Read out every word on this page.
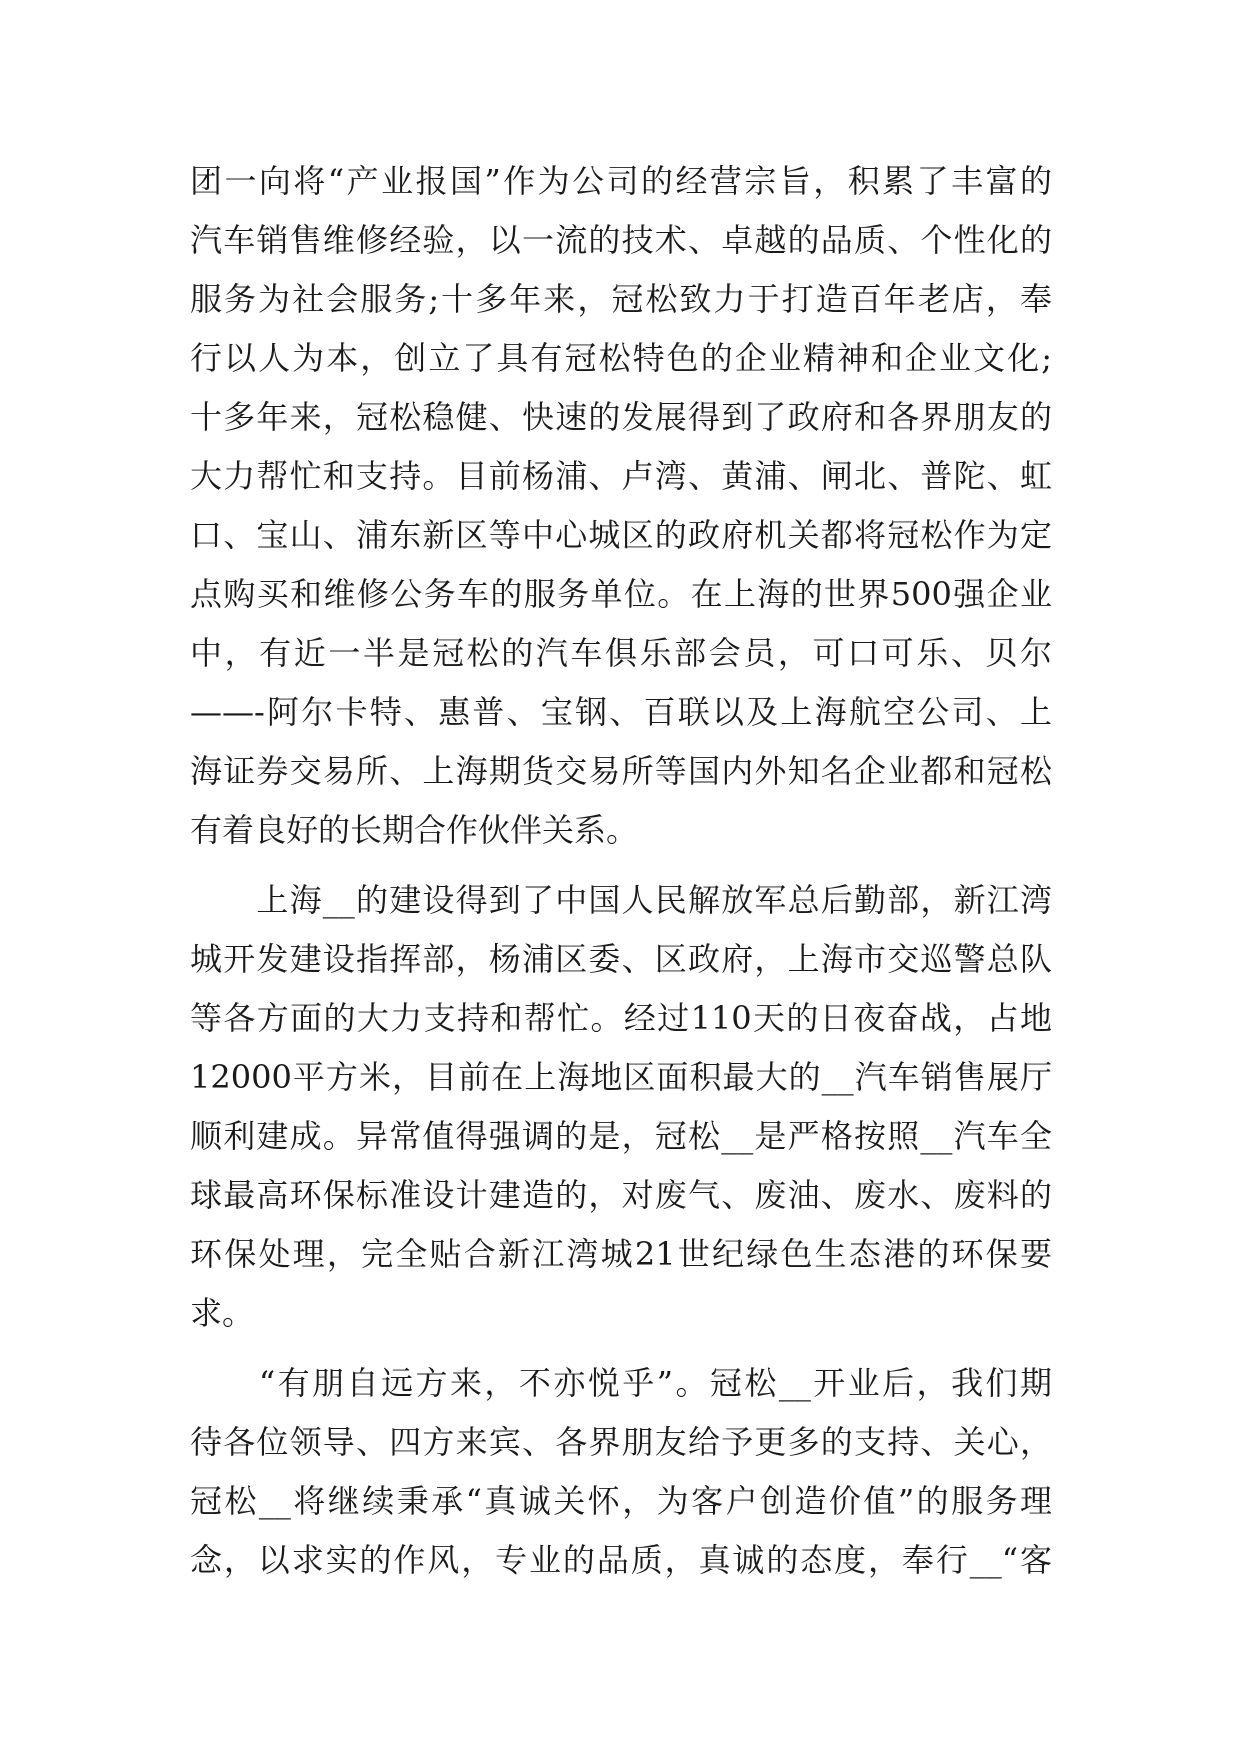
团一向将“产业报国”作为公司的经营宗旨，积累了丰富的
汽车销售维修经验，以一流的技术、卓越的品质、个性化的
服务为社会服务;十多年来，冠松致力于打造百年老店，奉
行以人为本，创立了具有冠松特色的企业精神和企业文化;
十多年来，冠松稳健、快速的发展得到了政府和各界朋友的
大力帮忙和支持。目前杨浦、卢湾、黄浦、闸北、普陀、虹
口、宝山、浦东新区等中心城区的政府机关都将冠松作为定
点购买和维修公务车的服务单位。在上海的世界500强企业
中，有近一半是冠松的汽车俱乐部会员，可口可乐、贝尔
——-阿尔卡特、惠普、宝钢、百联以及上海航空公司、上
海证券交易所、上海期货交易所等国内外知名企业都和冠松
有着良好的长期合作伙伴关系。
　　上海__的建设得到了中国人民解放军总后勤部，新江湾
城开发建设指挥部，杨浦区委、区政府，上海市交巡警总队
等各方面的大力支持和帮忙。经过110天的日夜奋战，占地
12000平方米，目前在上海地区面积最大的__汽车销售展厅
顺利建成。异常值得强调的是，冠松__是严格按照__汽车全
球最高环保标准设计建造的，对废气、废油、废水、废料的
环保处理，完全贴合新江湾城21世纪绿色生态港的环保要
求。
　　“有朋自远方来，不亦悦乎”。冠松__开业后，我们期
待各位领导、四方来宾、各界朋友给予更多的支持、关心，
冠松__将继续秉承“真诚关怀，为客户创造价值”的服务理
念，以求实的作风，专业的品质，真诚的态度，奉行__“客
